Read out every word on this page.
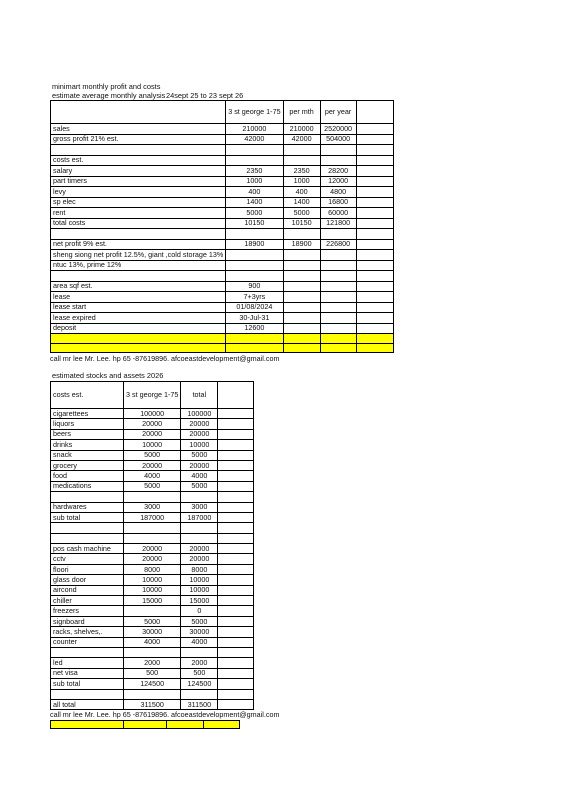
minimart monthly profit and costs
estimate average monthly analysis 24sept 25 to 23 sept 26
	3 st george 1-75	per mth	per year	
sales	210000	210000	2520000	
gross profit 21% est.	42000	42000	504000	

costs est.				
salary	2350	2350	28200	
part timers	1000	1000	12000	
levy	400	400	4800	
sp elec	1400	1400	16800	
rent	5000	5000	60000	
total costs	10150	10150	121800	

net profit 9% est.	18900	18900	226800	
sheng siong net profit 12.5%, giant ,cold storage 13%				
ntuc 13%, prime 12%				

area sqf est.	900			
lease	7+3yrs			
lease start	01/08/2024			
lease expired	30-Jul-31			
deposit	12600			

call mr lee Mr. Lee. hp 65 -87619896. afcoeastdevelopment@gmail.com
estimated stocks and assets 2026
costs est.	3 st george 1-75	total	
cigarettees	100000	100000	
liquors	20000	20000	
beers	20000	20000	
drinks	10000	10000	
snack	5000	5000	
grocery	20000	20000	
food	4000	4000	
medications	5000	5000	

hardwares	3000	3000	
sub total	187000	187000	

pos cash machine	20000	20000	
cctv	20000	20000	
floori	8000	8000	
glass door	10000	10000	
aircond	10000	10000	
chiller	15000	15000	
freezers		0	
signboard	5000	5000	
racks, shelves,.	30000	30000	
counter	4000	4000	

led	2000	2000	
net visa	500	500	
sub total	124500	124500	

all total	311500	311500	
call mr lee Mr. Lee. hp 65 -87619896. afcoeastdevelopment@gmail.com
